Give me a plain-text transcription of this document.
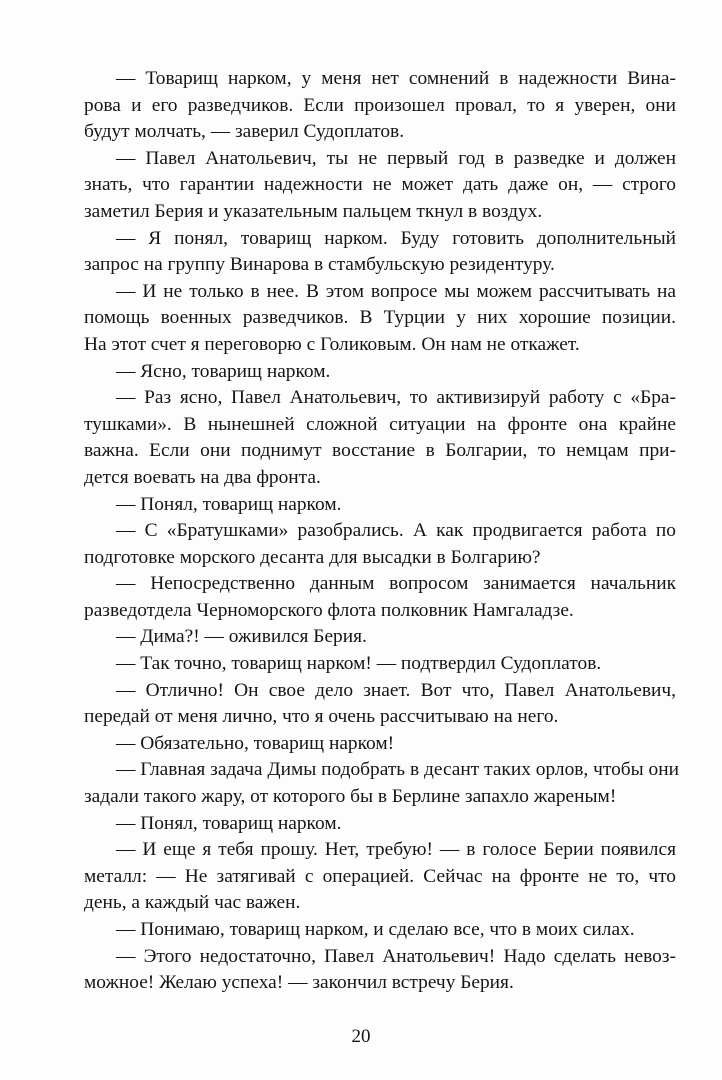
— Товарищ нарком, у меня нет сомнений в надежности Вина-
рова и его разведчиков. Если произошел провал, то я уверен, они
будут молчать, — заверил Судоплатов.
— Павел Анатольевич, ты не первый год в разведке и должен
знать, что гарантии надежности не может дать даже он, — строго
заметил Берия и указательным пальцем ткнул в воздух.
— Я понял, товарищ нарком. Буду готовить дополнительный
запрос на группу Винарова в стамбульскую резидентуру.
— И не только в нее. В этом вопросе мы можем рассчитывать на
помощь военных разведчиков. В Турции у них хорошие позиции.
На этот счет я переговорю с Голиковым. Он нам не откажет.
— Ясно, товарищ нарком.
— Раз ясно, Павел Анатольевич, то активизируй работу с «Бра-
тушками». В нынешней сложной ситуации на фронте она крайне
важна. Если они поднимут восстание в Болгарии, то немцам при-
дется воевать на два фронта.
— Понял, товарищ нарком.
— С «Братушками» разобрались. А как продвигается работа по
подготовке морского десанта для высадки в Болгарию?
— Непосредственно данным вопросом занимается начальник
разведотдела Черноморского флота полковник Намгаладзе.
— Дима?! — оживился Берия.
— Так точно, товарищ нарком! — подтвердил Судоплатов.
— Отлично! Он свое дело знает. Вот что, Павел Анатольевич,
передай от меня лично, что я очень рассчитываю на него.
— Обязательно, товарищ нарком!
— Главная задача Димы подобрать в десант таких орлов, чтобы они
задали такого жару, от которого бы в Берлине запахло жареным!
— Понял, товарищ нарком.
— И еще я тебя прошу. Нет, требую! — в голосе Берии появился
металл: — Не затягивай с операцией. Сейчас на фронте не то, что
день, а каждый час важен.
— Понимаю, товарищ нарком, и сделаю все, что в моих силах.
— Этого недостаточно, Павел Анатольевич! Надо сделать невоз-
можное! Желаю успеха! — закончил встречу Берия.
20
